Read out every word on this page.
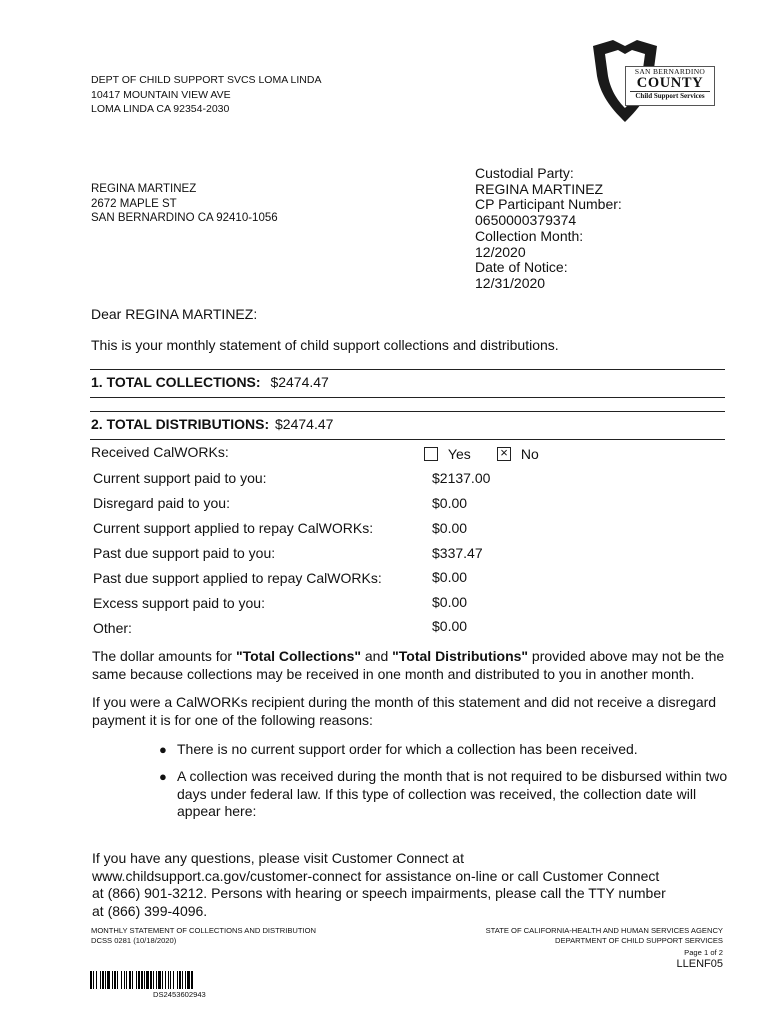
DEPT OF CHILD SUPPORT SVCS LOMA LINDA
10417 MOUNTAIN VIEW AVE
LOMA LINDA CA 92354-2030
SAN BERNARDINO
COUNTY
Child Support Services
REGINA MARTINEZ
2672 MAPLE ST
SAN BERNARDINO CA 92410-1056
Custodial Party:
REGINA MARTINEZ
CP Participant Number:
0650000379374
Collection Month:
12/2020
Date of Notice:
12/31/2020
Dear REGINA MARTINEZ:
This is your monthly statement of child support collections and distributions.
1. TOTAL COLLECTIONS: $2474.47
2. TOTAL DISTRIBUTIONS: $2474.47
Received CalWORKs:	Yes × No
Current support paid to you:	$2137.00
Disregard paid to you:	$0.00
Current support applied to repay CalWORKs:	$0.00
Past due support paid to you:	$337.47
Past due support applied to repay CalWORKs:	$0.00
Excess support paid to you:	$0.00
Other:	$0.00
The dollar amounts for "Total Collections" and "Total Distributions" provided above may not be the same because collections may be received in one month and distributed to you in another month.
If you were a CalWORKs recipient during the month of this statement and did not receive a disregard payment it is for one of the following reasons:
● There is no current support order for which a collection has been received.
● A collection was received during the month that is not required to be disbursed within two days under federal law. If this type of collection was received, the collection date will appear here:
If you have any questions, please visit Customer Connect at
www.childsupport.ca.gov/customer-connect for assistance on-line or call Customer Connect
at (866) 901-3212. Persons with hearing or speech impairments, please call the TTY number
at (866) 399-4096.
MONTHLY STATEMENT OF COLLECTIONS AND DISTRIBUTION
DCSS 0281 (10/18/2020)
STATE OF CALIFORNIA-HEALTH AND HUMAN SERVICES AGENCY
DEPARTMENT OF CHILD SUPPORT SERVICES
Page 1 of 2
LLENF05
DS2453602943
